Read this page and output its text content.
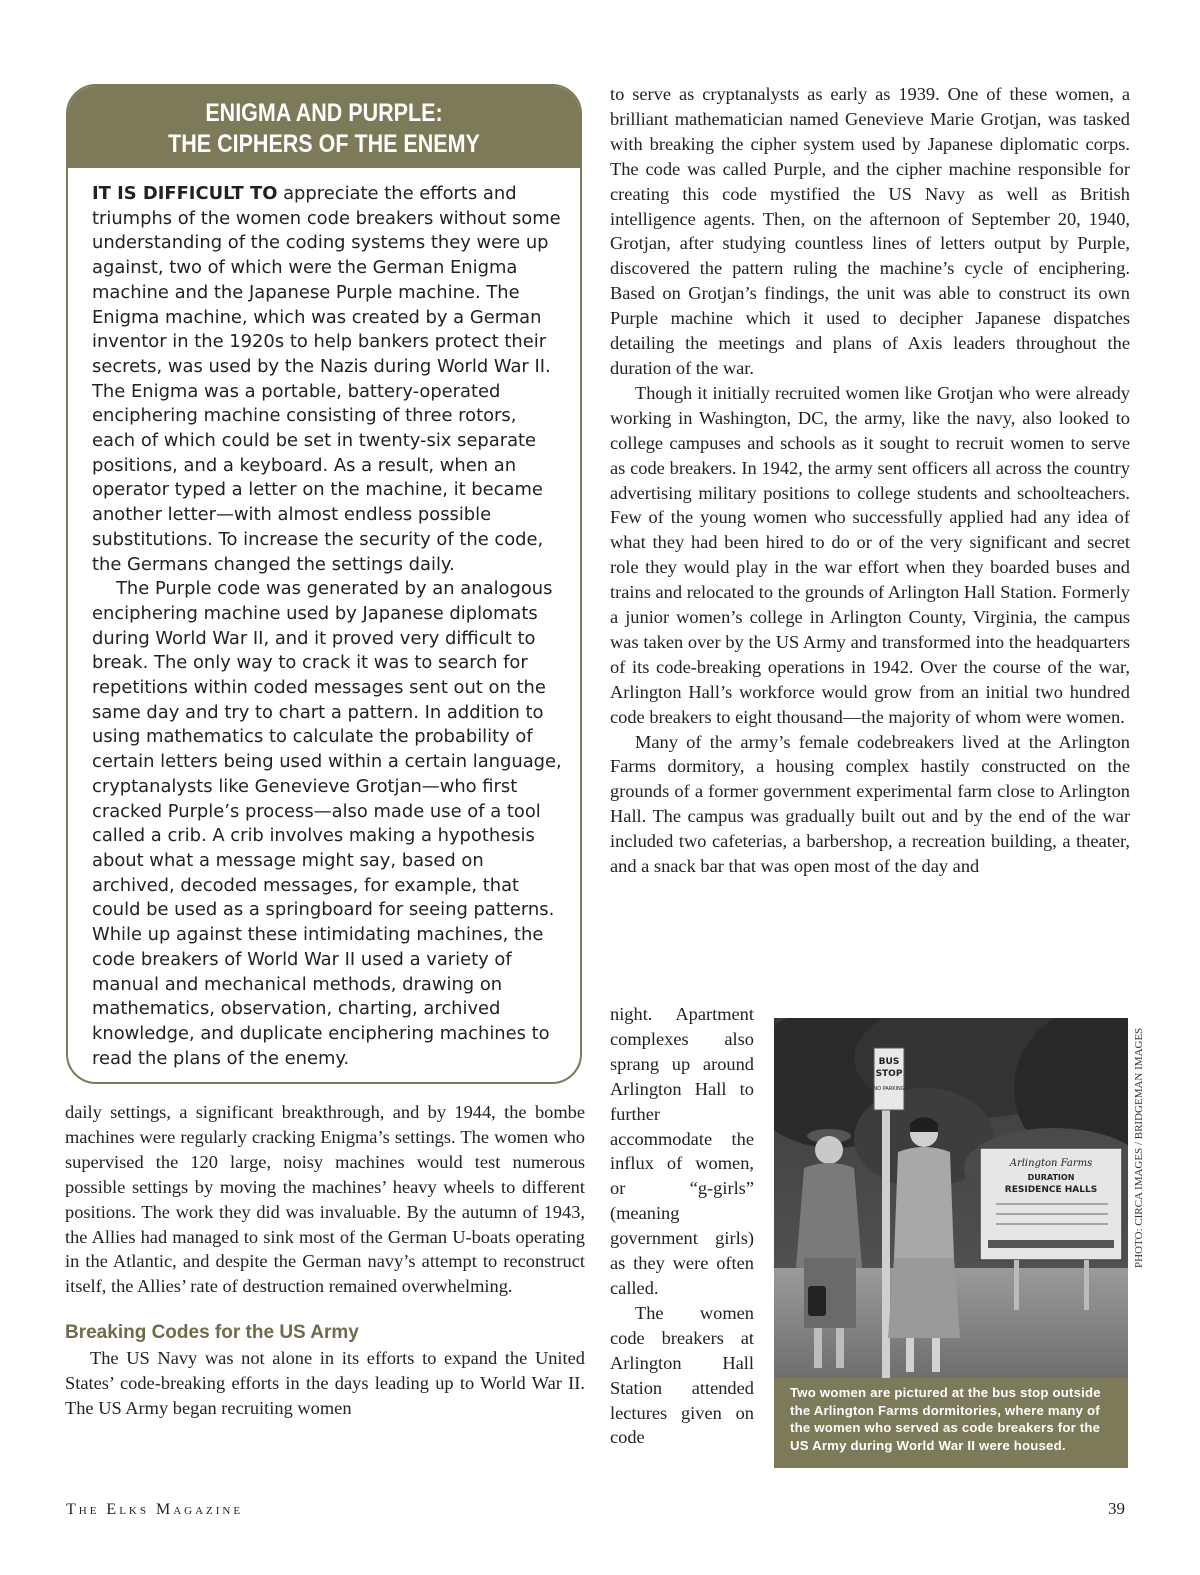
ENIGMA AND PURPLE:
THE CIPHERS OF THE ENEMY

IT IS DIFFICULT TO appreciate the efforts and triumphs of the women code breakers without some understanding of the coding systems they were up against, two of which were the German Enigma machine and the Japanese Purple machine. The Enigma machine, which was created by a German inventor in the 1920s to help bankers protect their secrets, was used by the Nazis during World War II. The Enigma was a portable, battery-operated enciphering machine consisting of three rotors, each of which could be set in twenty-six separate positions, and a keyboard. As a result, when an operator typed a letter on the machine, it became another letter—with almost endless possible substitutions. To increase the security of the code, the Germans changed the settings daily.

The Purple code was generated by an analogous enciphering machine used by Japanese diplomats during World War II, and it proved very difficult to break. The only way to crack it was to search for repetitions within coded messages sent out on the same day and try to chart a pattern. In addition to using mathematics to calculate the probability of certain letters being used within a certain language, cryptanalysts like Genevieve Grotjan—who first cracked Purple’s process—also made use of a tool called a crib. A crib involves making a hypothesis about what a message might say, based on archived, decoded messages, for example, that could be used as a springboard for seeing patterns. While up against these intimidating machines, the code breakers of World War II used a variety of manual and mechanical methods, drawing on mathematics, observation, charting, archived knowledge, and duplicate enciphering machines to read the plans of the enemy.

daily settings, a significant breakthrough, and by 1944, the bombe machines were regularly cracking Enigma’s settings. The women who supervised the 120 large, noisy machines would test numerous possible settings by moving the machines’ heavy wheels to different positions. The work they did was invaluable. By the autumn of 1943, the Allies had managed to sink most of the German U-boats operating in the Atlantic, and despite the German navy’s attempt to reconstruct itself, the Allies’ rate of destruction remained overwhelming.

Breaking Codes for the US Army

The US Navy was not alone in its efforts to expand the United States’ code-breaking efforts in the days leading up to World War II. The US Army began recruiting women

to serve as cryptanalysts as early as 1939. One of these women, a brilliant mathematician named Genevieve Marie Grotjan, was tasked with breaking the cipher system used by Japanese diplomatic corps. The code was called Purple, and the cipher machine responsible for creating this code mystified the US Navy as well as British intelligence agents. Then, on the afternoon of September 20, 1940, Grotjan, after studying countless lines of letters output by Purple, discovered the pattern ruling the machine’s cycle of enciphering. Based on Grotjan’s findings, the unit was able to construct its own Purple machine which it used to decipher Japanese dispatches detailing the meetings and plans of Axis leaders throughout the duration of the war.

Though it initially recruited women like Grotjan who were already working in Washington, DC, the army, like the navy, also looked to college campuses and schools as it sought to recruit women to serve as code breakers. In 1942, the army sent officers all across the country advertising military positions to college students and schoolteachers. Few of the young women who successfully applied had any idea of what they had been hired to do or of the very significant and secret role they would play in the war effort when they boarded buses and trains and relocated to the grounds of Arlington Hall Station. Formerly a junior women’s college in Arlington County, Virginia, the campus was taken over by the US Army and transformed into the headquarters of its code-breaking operations in 1942. Over the course of the war, Arlington Hall’s workforce would grow from an initial two hundred code breakers to eight thousand—the majority of whom were women.

Many of the army’s female codebreakers lived at the Arlington Farms dormitory, a housing complex hastily constructed on the grounds of a former government experimental farm close to Arlington Hall. The campus was gradually built out and by the end of the war included two cafeterias, a barbershop, a recreation building, a theater, and a snack bar that was open most of the day and

night. Apartment complexes also sprang up around Arlington Hall to further accommodate the influx of women, or “g-girls” (meaning government girls) as they were often called.

The women code breakers at Arlington Hall Station attended lectures given on code

BUS
STOP
NO PARKING
Arlington Farms
DURATION
RESIDENCE HALLS
Two women are pictured at the bus stop outside the Arlington Farms dormitories, where many of the women who served as code breakers for the US Army during World War II were housed.
PHOTO: CIRCA IMAGES / BRIDGEMAN IMAGES
The Elks Magazine	39
